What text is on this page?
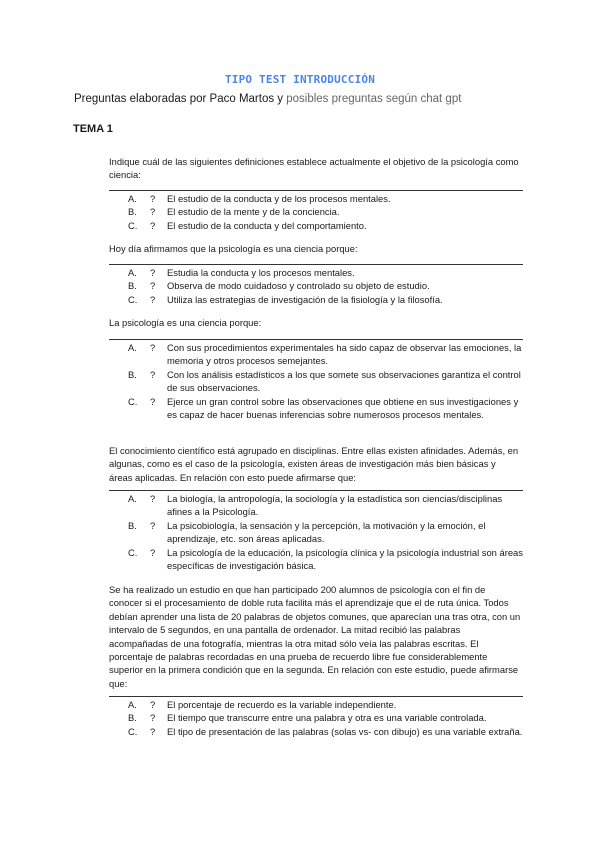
TIPO TEST INTRODUCCIÓN
Preguntas elaboradas por Paco Martos y posibles preguntas según chat gpt
TEMA 1
Indique cuál de las siguientes definiciones establece actualmente el objetivo de la psicología como ciencia:
A.	?	El estudio de la conducta y de los procesos mentales.
B.	?	El estudio de la mente y de la conciencia.
C.	?	El estudio de la conducta y del comportamiento.
Hoy día afirmamos que la psicología es una ciencia porque:
A.	?	Estudia la conducta y los procesos mentales.
B.	?	Observa de modo cuidadoso y controlado su objeto de estudio.
C.	?	Utiliza las estrategias de investigación de la fisiología y la filosofía.
La psicología es una ciencia porque:
A.	?	Con sus procedimientos experimentales ha sido capaz de observar las emociones, la memoria y otros procesos semejantes.
B.	?	Con los análisis estadísticos a los que somete sus observaciones garantiza el control de sus observaciones.
C.	?	Ejerce un gran control sobre las observaciones que obtiene en sus investigaciones y es capaz de hacer buenas inferencias sobre numerosos procesos mentales.
El conocimiento científico está agrupado en disciplinas. Entre ellas existen afinidades. Además, en algunas, como es el caso de la psicología, existen áreas de investigación más bien básicas y áreas aplicadas. En relación con esto puede afirmarse que:
A.	?	La biología, la antropología, la sociología y la estadística son ciencias/disciplinas afines a la Psicología.
B.	?	La psicobiología, la sensación y la percepción, la motivación y la emoción, el aprendizaje, etc. son áreas aplicadas.
C.	?	La psicología de la educación, la psicología clínica y la psicología industrial son áreas específicas de investigación básica.
Se ha realizado un estudio en que han participado 200 alumnos de psicología con el fin de conocer si el procesamiento de doble ruta facilita más el aprendizaje que el de ruta única. Todos debían aprender una lista de 20 palabras de objetos comunes, que aparecían una tras otra, con un intervalo de 5 segundos, en una pantalla de ordenador. La mitad recibió las palabras acompañadas de una fotografía, mientras la otra mitad sólo veía las palabras escritas. El porcentaje de palabras recordadas en una prueba de recuerdo libre fue considerablemente superior en la primera condición que en la segunda. En relación con este estudio, puede afirmarse que:
A.	?	El porcentaje de recuerdo es la variable independiente.
B.	?	El tiempo que transcurre entre una palabra y otra es una variable controlada.
C.	?	El tipo de presentación de las palabras (solas vs- con dibujo) es una variable extraña.
